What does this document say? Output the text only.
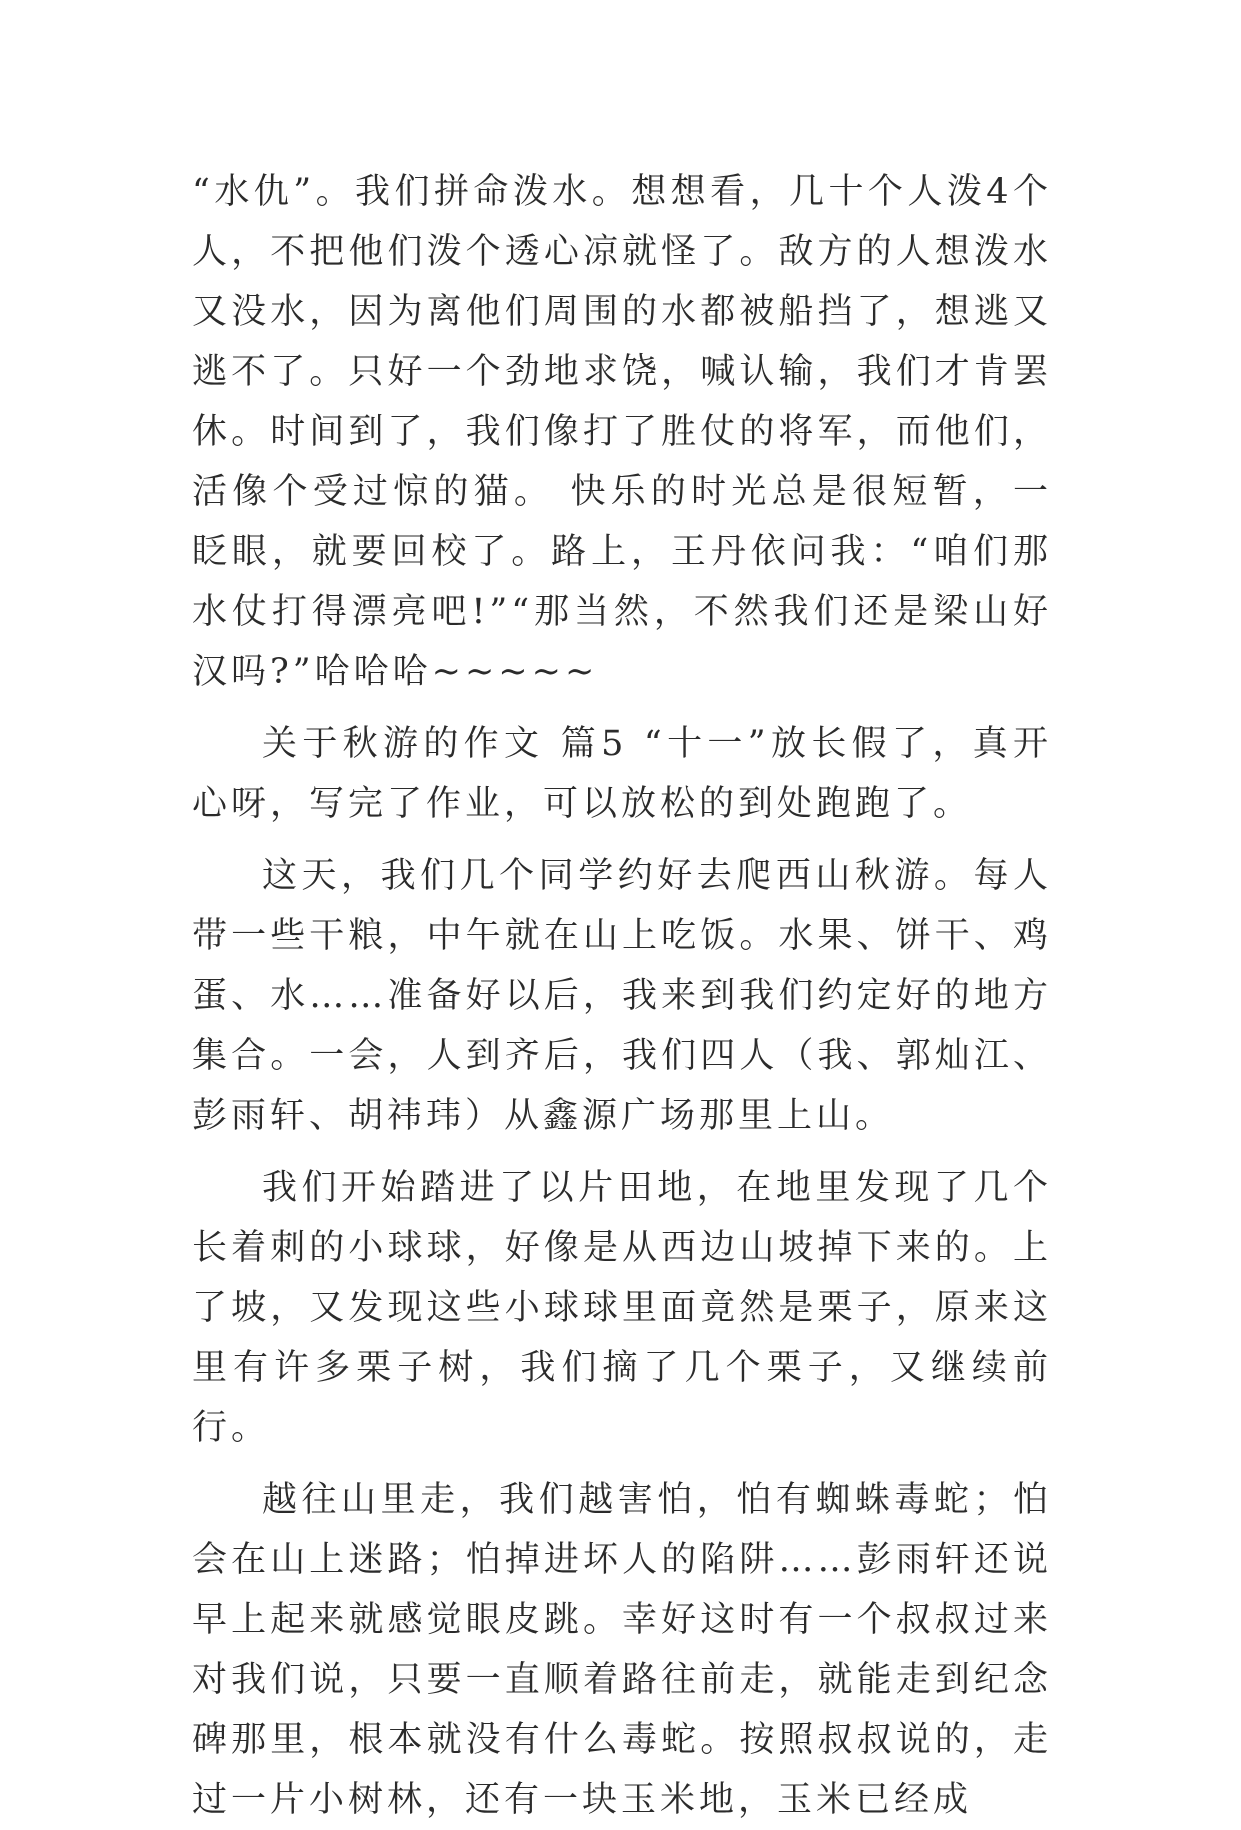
“水仇”。我们拼命泼水。想想看，几十个人泼4个人，不把他们泼个透心凉就怪了。敌方的人想泼水又没水，因为离他们周围的水都被船挡了，想逃又逃不了。只好一个劲地求饶，喊认输，我们才肯罢休。时间到了，我们像打了胜仗的将军，而他们，活像个受过惊的猫。 快乐的时光总是很短暂，一眨眼，就要回校了。路上，王丹依问我：“咱们那水仗打得漂亮吧!”“那当然，不然我们还是梁山好汉吗?”哈哈哈~~~~~

关于秋游的作文 篇5 “十一”放长假了，真开心呀，写完了作业，可以放松的到处跑跑了。

这天，我们几个同学约好去爬西山秋游。每人带一些干粮，中午就在山上吃饭。水果、饼干、鸡蛋、水……准备好以后，我来到我们约定好的地方集合。一会，人到齐后，我们四人（我、郭灿江、彭雨轩、胡祎玮）从鑫源广场那里上山。

我们开始踏进了以片田地，在地里发现了几个长着刺的小球球，好像是从西边山坡掉下来的。上了坡，又发现这些小球球里面竟然是栗子，原来这里有许多栗子树，我们摘了几个栗子，又继续前行。

越往山里走，我们越害怕，怕有蜘蛛毒蛇；怕会在山上迷路；怕掉进坏人的陷阱……彭雨轩还说早上起来就感觉眼皮跳。幸好这时有一个叔叔过来对我们说，只要一直顺着路往前走，就能走到纪念碑那里，根本就没有什么毒蛇。按照叔叔说的，走过一片小树林，还有一块玉米地，玉米已经成
